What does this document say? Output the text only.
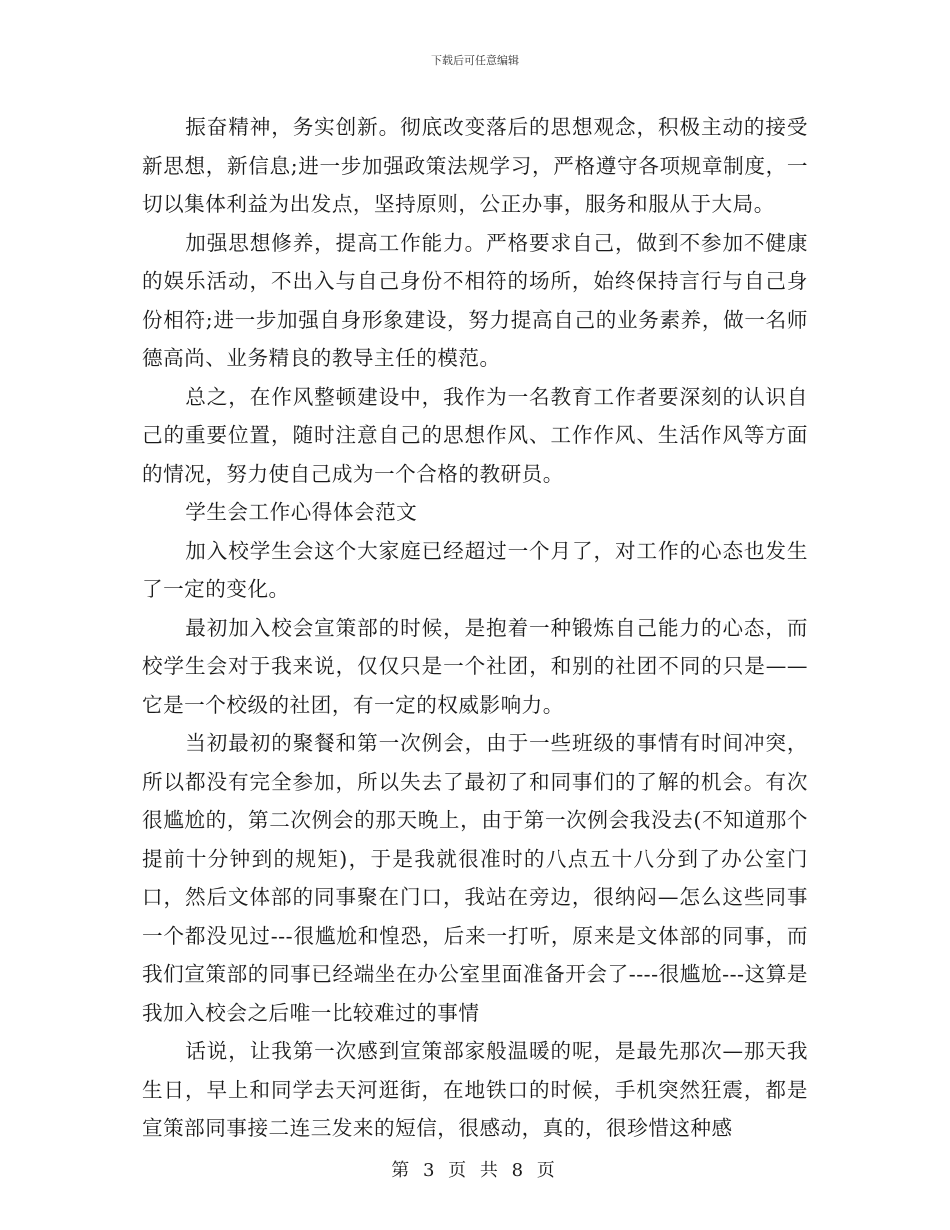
下载后可任意编辑

振奋精神，务实创新。彻底改变落后的思想观念，积极主动的接受新思想，新信息;进一步加强政策法规学习，严格遵守各项规章制度，一切以集体利益为出发点，坚持原则，公正办事，服务和服从于大局。

加强思想修养，提高工作能力。严格要求自己，做到不参加不健康的娱乐活动，不出入与自己身份不相符的场所，始终保持言行与自己身份相符;进一步加强自身形象建设，努力提高自己的业务素养，做一名师德高尚、业务精良的教导主任的模范。

总之，在作风整顿建设中，我作为一名教育工作者要深刻的认识自己的重要位置，随时注意自己的思想作风、工作作风、生活作风等方面的情况，努力使自己成为一个合格的教研员。

学生会工作心得体会范文

加入校学生会这个大家庭已经超过一个月了，对工作的心态也发生了一定的变化。

最初加入校会宣策部的时候，是抱着一种锻炼自己能力的心态，而校学生会对于我来说，仅仅只是一个社团，和别的社团不同的只是——它是一个校级的社团，有一定的权威影响力。

当初最初的聚餐和第一次例会，由于一些班级的事情有时间冲突，所以都没有完全参加，所以失去了最初了和同事们的了解的机会。有次很尴尬的，第二次例会的那天晚上，由于第一次例会我没去(不知道那个提前十分钟到的规矩)，于是我就很准时的八点五十八分到了办公室门口，然后文体部的同事聚在门口，我站在旁边，很纳闷—怎么这些同事一个都没见过---很尴尬和惶恐，后来一打听，原来是文体部的同事，而我们宣策部的同事已经端坐在办公室里面准备开会了----很尴尬---这算是我加入校会之后唯一比较难过的事情

话说，让我第一次感到宣策部家般温暖的呢，是最先那次—那天我生日，早上和同学去天河逛街，在地铁口的时候，手机突然狂震，都是宣策部同事接二连三发来的短信，很感动，真的，很珍惜这种感

第 3 页 共 8 页
